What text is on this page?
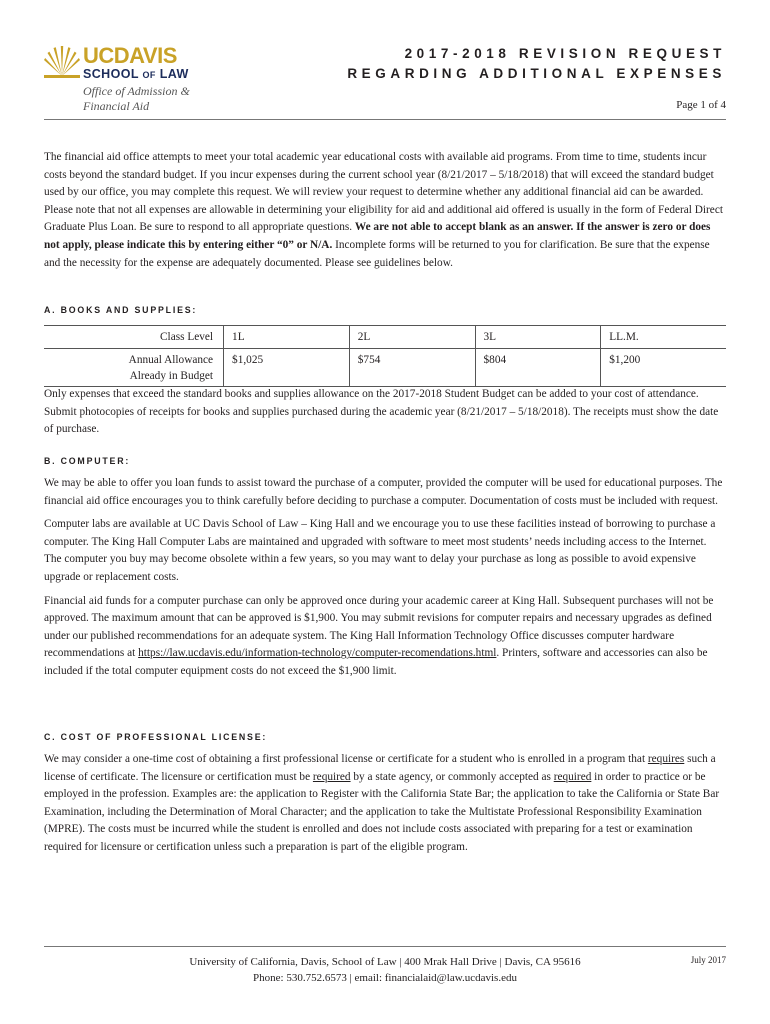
UCDAVIS
SCHOOL OF LAW
Office of Admission &
Financial Aid
2017-2018 REVISION REQUEST
REGARDING ADDITIONAL EXPENSES
Page 1 of 4

The financial aid office attempts to meet your total academic year educational costs with available aid programs. From time to time, students incur costs beyond the standard budget. If you incur expenses during the current school year (8/21/2017 – 5/18/2018) that will exceed the standard budget used by our office, you may complete this request. We will review your request to determine whether any additional financial aid can be awarded. Please note that not all expenses are allowable in determining your eligibility for aid and additional aid offered is usually in the form of Federal Direct Graduate Plus Loan. Be sure to respond to all appropriate questions. We are not able to accept blank as an answer. If the answer is zero or does not apply, please indicate this by entering either “0” or N/A. Incomplete forms will be returned to you for clarification. Be sure that the expense and the necessity for the expense are adequately documented. Please see guidelines below.

A. BOOKS AND SUPPLIES:
Class Level	1L	2L	3L	LL.M.

Annual Allowance
Already in Budget	$1,025	$754	$804	$1,200

Only expenses that exceed the standard books and supplies allowance on the 2017-2018 Student Budget can be added to your cost of attendance. Submit photocopies of receipts for books and supplies purchased during the academic year (8/21/2017 – 5/18/2018). The receipts must show the date of purchase.

B. COMPUTER:

We may be able to offer you loan funds to assist toward the purchase of a computer, provided the computer will be used for educational purposes. The financial aid office encourages you to think carefully before deciding to purchase a computer. Documentation of costs must be included with request.

Computer labs are available at UC Davis School of Law – King Hall and we encourage you to use these facilities instead of borrowing to purchase a computer. The King Hall Computer Labs are maintained and upgraded with software to meet most students’ needs including access to the Internet. The computer you buy may become obsolete within a few years, so you may want to delay your purchase as long as possible to avoid expensive upgrade or replacement costs.

Financial aid funds for a computer purchase can only be approved once during your academic career at King Hall. Subsequent purchases will not be approved. The maximum amount that can be approved is $1,900. You may submit revisions for computer repairs and necessary upgrades as defined under our published recommendations for an adequate system. The King Hall Information Technology Office discusses computer hardware recommendations at https://law.ucdavis.edu/information-technology/computer-recomendations.html. Printers, software and accessories can also be included if the total computer equipment costs do not exceed the $1,900 limit.

C. COST OF PROFESSIONAL LICENSE:

We may consider a one-time cost of obtaining a first professional license or certificate for a student who is enrolled in a program that requires such a license of certificate. The licensure or certification must be required by a state agency, or commonly accepted as required in order to practice or be employed in the profession. Examples are: the application to Register with the California State Bar; the application to take the California or State Bar Examination, including the Determination of Moral Character; and the application to take the Multistate Professional Responsibility Examination (MPRE). The costs must be incurred while the student is enrolled and does not include costs associated with preparing for a test or examination required for licensure or certification unless such a preparation is part of the eligible program.

University of California, Davis, School of Law | 400 Mrak Hall Drive | Davis, CA 95616
Phone: 530.752.6573 | email: financialaid@law.ucdavis.edu
July 2017
